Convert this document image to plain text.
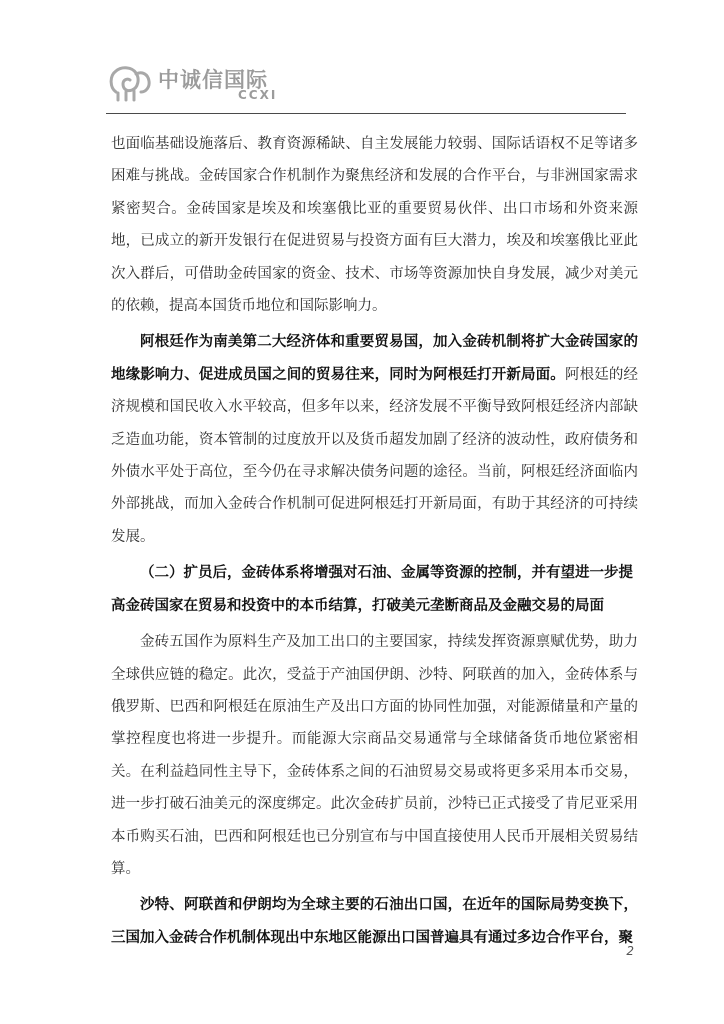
中诚信国际
CCXI

也面临基础设施落后、教育资源稀缺、自主发展能力较弱、国际话语权不足等诸多困难与挑战。金砖国家合作机制作为聚焦经济和发展的合作平台，与非洲国家需求紧密契合。金砖国家是埃及和埃塞俄比亚的重要贸易伙伴、出口市场和外资来源地，已成立的新开发银行在促进贸易与投资方面有巨大潜力，埃及和埃塞俄比亚此次入群后，可借助金砖国家的资金、技术、市场等资源加快自身发展，减少对美元的依赖，提高本国货币地位和国际影响力。

阿根廷作为南美第二大经济体和重要贸易国，加入金砖机制将扩大金砖国家的地缘影响力、促进成员国之间的贸易往来，同时为阿根廷打开新局面。阿根廷的经济规模和国民收入水平较高，但多年以来，经济发展不平衡导致阿根廷经济内部缺乏造血功能，资本管制的过度放开以及货币超发加剧了经济的波动性，政府债务和外债水平处于高位，至今仍在寻求解决债务问题的途径。当前，阿根廷经济面临内外部挑战，而加入金砖合作机制可促进阿根廷打开新局面，有助于其经济的可持续发展。

（二）扩员后，金砖体系将增强对石油、金属等资源的控制，并有望进一步提高金砖国家在贸易和投资中的本币结算，打破美元垄断商品及金融交易的局面

金砖五国作为原料生产及加工出口的主要国家，持续发挥资源禀赋优势，助力全球供应链的稳定。此次，受益于产油国伊朗、沙特、阿联酋的加入，金砖体系与俄罗斯、巴西和阿根廷在原油生产及出口方面的协同性加强，对能源储量和产量的掌控程度也将进一步提升。而能源大宗商品交易通常与全球储备货币地位紧密相关。在利益趋同性主导下，金砖体系之间的石油贸易交易或将更多采用本币交易，进一步打破石油美元的深度绑定。此次金砖扩员前，沙特已正式接受了肯尼亚采用本币购买石油，巴西和阿根廷也已分别宣布与中国直接使用人民币开展相关贸易结算。

沙特、阿联酋和伊朗均为全球主要的石油出口国，在近年的国际局势变换下，三国加入金砖合作机制体现出中东地区能源出口国普遍具有通过多边合作平台，聚

2
